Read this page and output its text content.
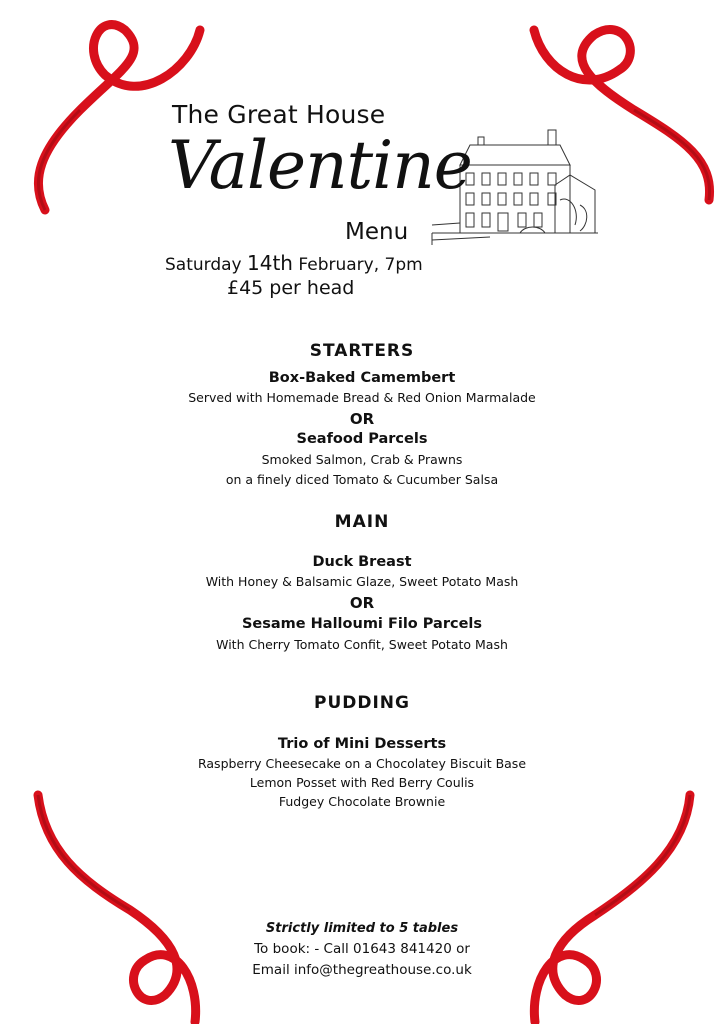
The Great House
Valentine
Menu
Saturday 14th February, 7pm
£45 per head
STARTERS
Box-Baked Camembert
Served with Homemade Bread & Red Onion Marmalade
OR
Seafood Parcels
Smoked Salmon, Crab & Prawns
on a finely diced Tomato & Cucumber Salsa
MAIN
Duck Breast
With Honey & Balsamic Glaze, Sweet Potato Mash
OR
Sesame Halloumi Filo Parcels
With Cherry Tomato Confit, Sweet Potato Mash
PUDDING
Trio of Mini Desserts
Raspberry Cheesecake on a Chocolatey Biscuit Base
Lemon Posset with Red Berry Coulis
Fudgey Chocolate Brownie
Strictly limited to 5 tables
To book: - Call 01643 841420 or
Email info@thegreathouse.co.uk
